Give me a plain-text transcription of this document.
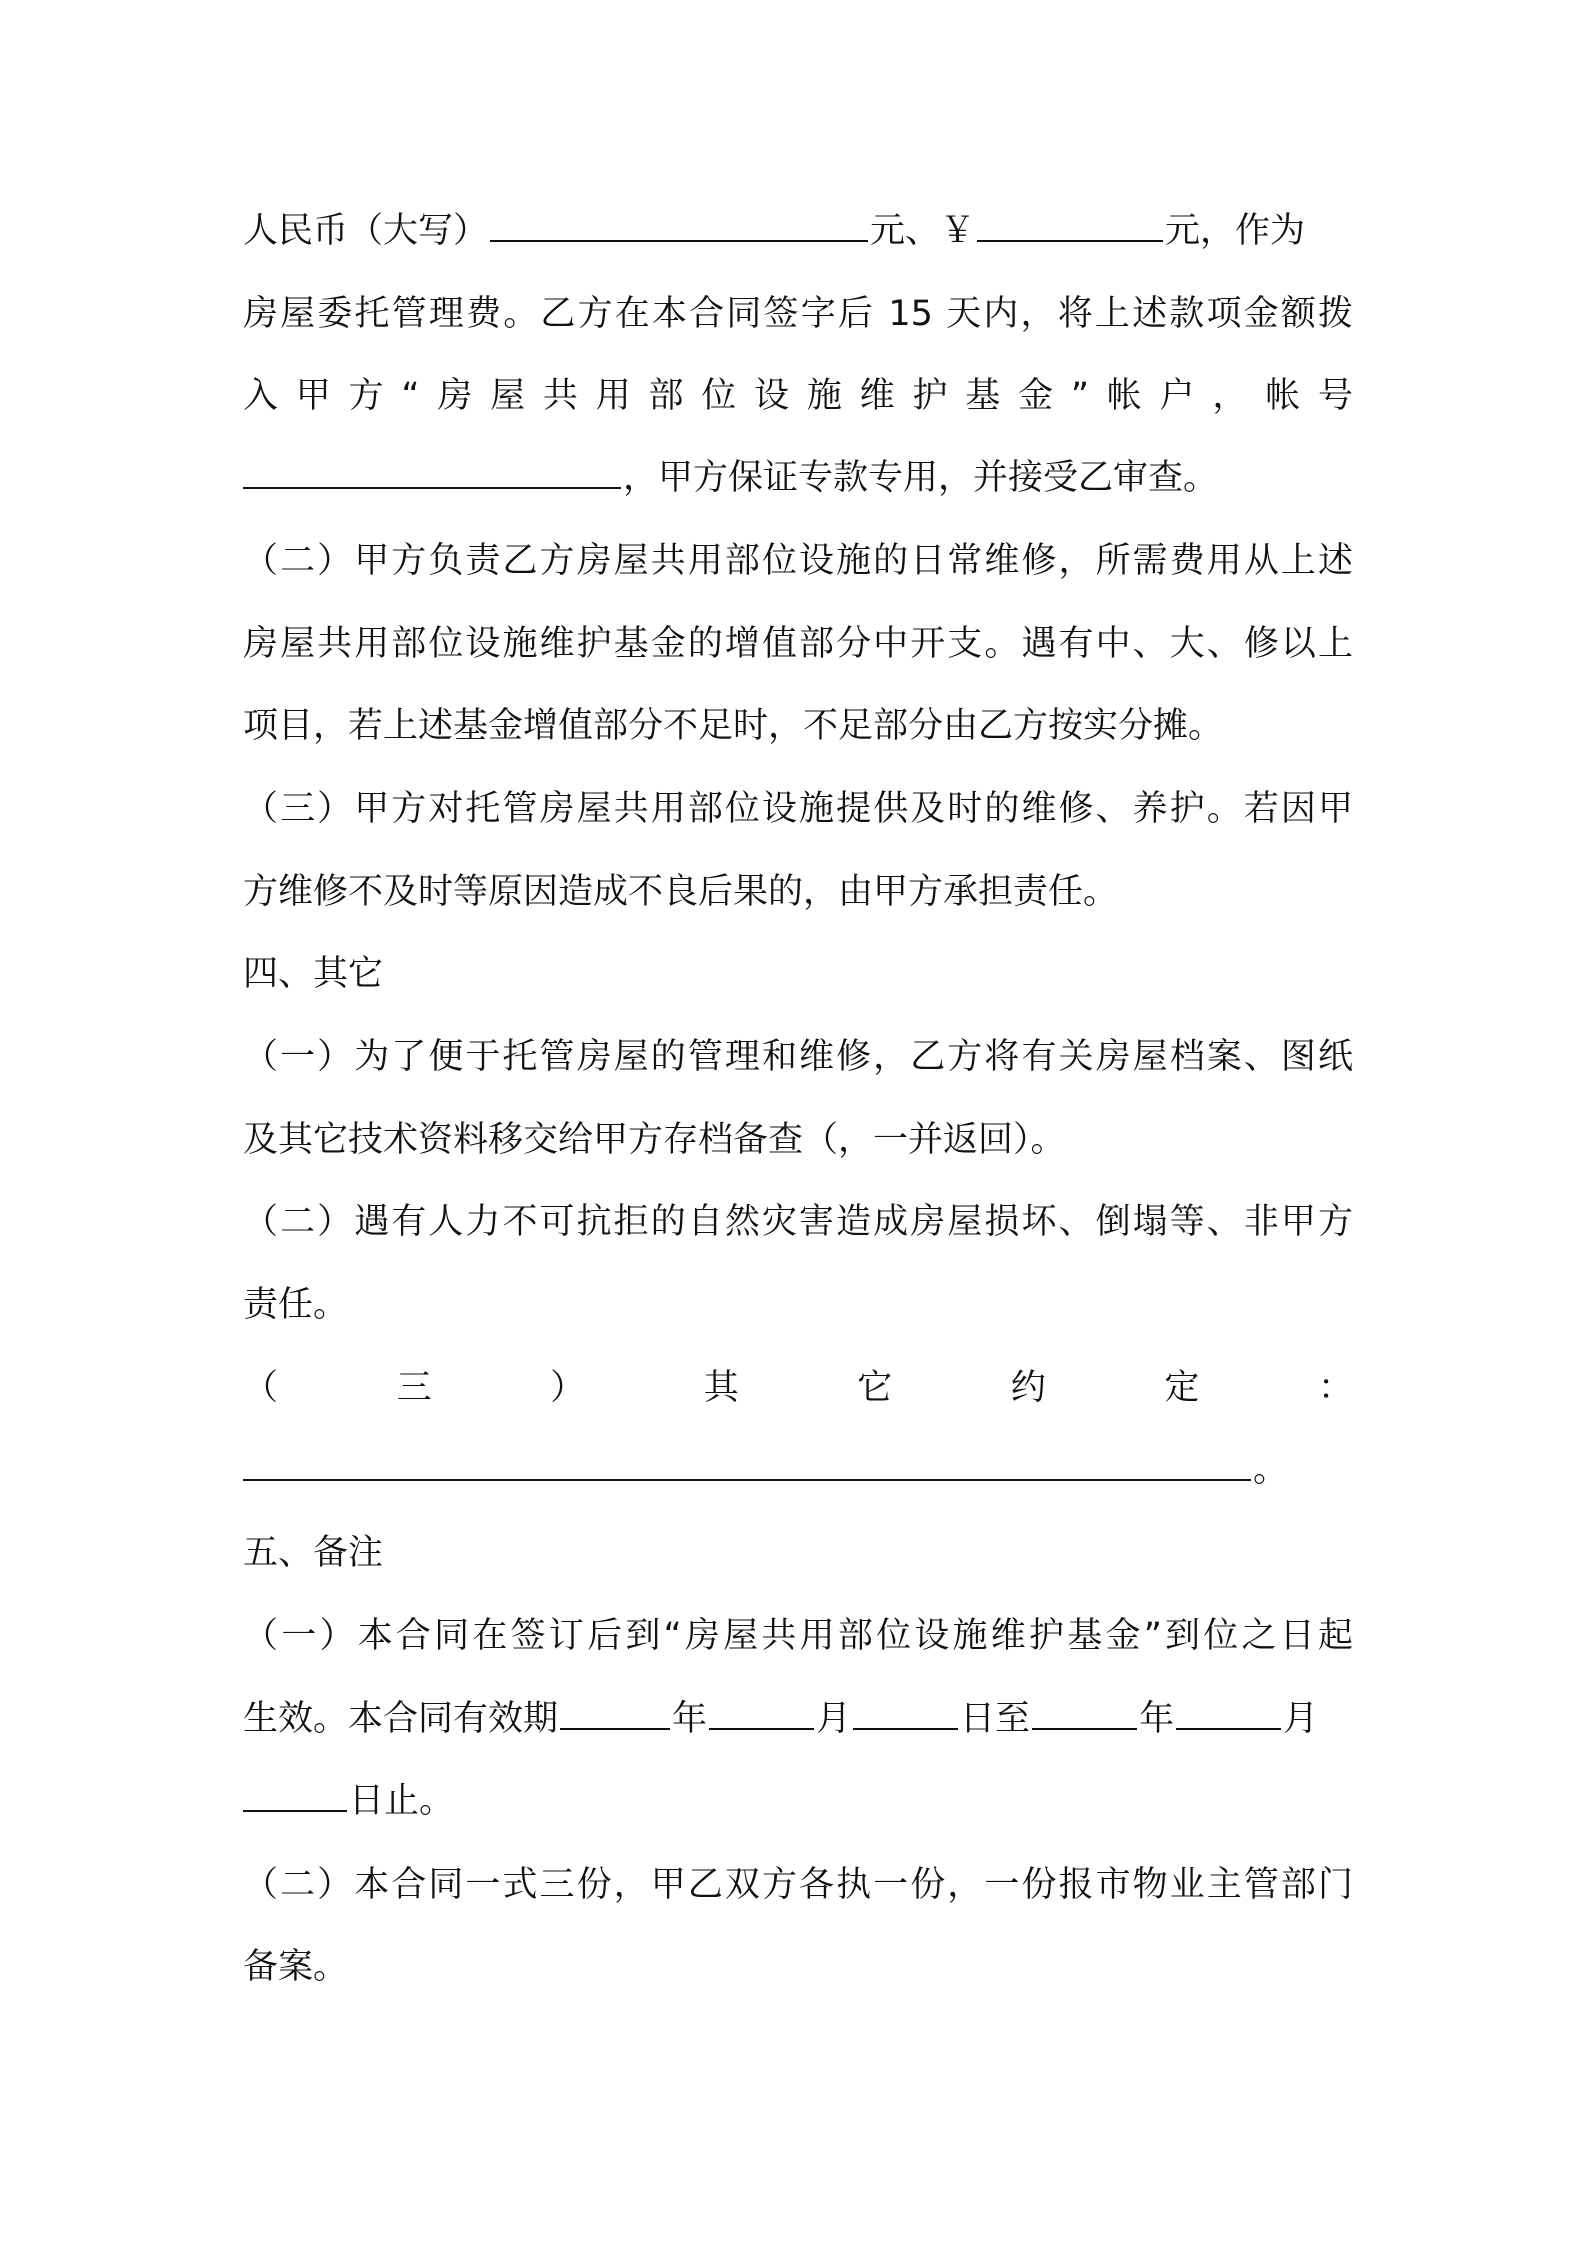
人民币（大写）	元、￥	元，作为
房屋委托管理费。乙方在本合同签字后 15 天内，将上述款项金额拨
入甲方“房屋共用部位设施维护基金”帐户，帐号
，甲方保证专款专用，并接受乙审查。
（二）甲方负责乙方房屋共用部位设施的日常维修，所需费用从上述
房屋共用部位设施维护基金的增值部分中开支。遇有中、大、修以上
项目，若上述基金增值部分不足时，不足部分由乙方按实分摊。
（三）甲方对托管房屋共用部位设施提供及时的维修、养护。若因甲
方维修不及时等原因造成不良后果的，由甲方承担责任。
四、其它
（一）为了便于托管房屋的管理和维修，乙方将有关房屋档案、图纸
及其它技术资料移交给甲方存档备查（，一并返回）。
（二）遇有人力不可抗拒的自然灾害造成房屋损坏、倒塌等、非甲方
责任。
（	三	）	其	它	约	定	：
。
五、备注
（一）本合同在签订后到“房屋共用部位设施维护基金”到位之日起
生效。本合同有效期	年	月	日至	年	月
日止。
（二）本合同一式三份，甲乙双方各执一份，一份报市物业主管部门
备案。
